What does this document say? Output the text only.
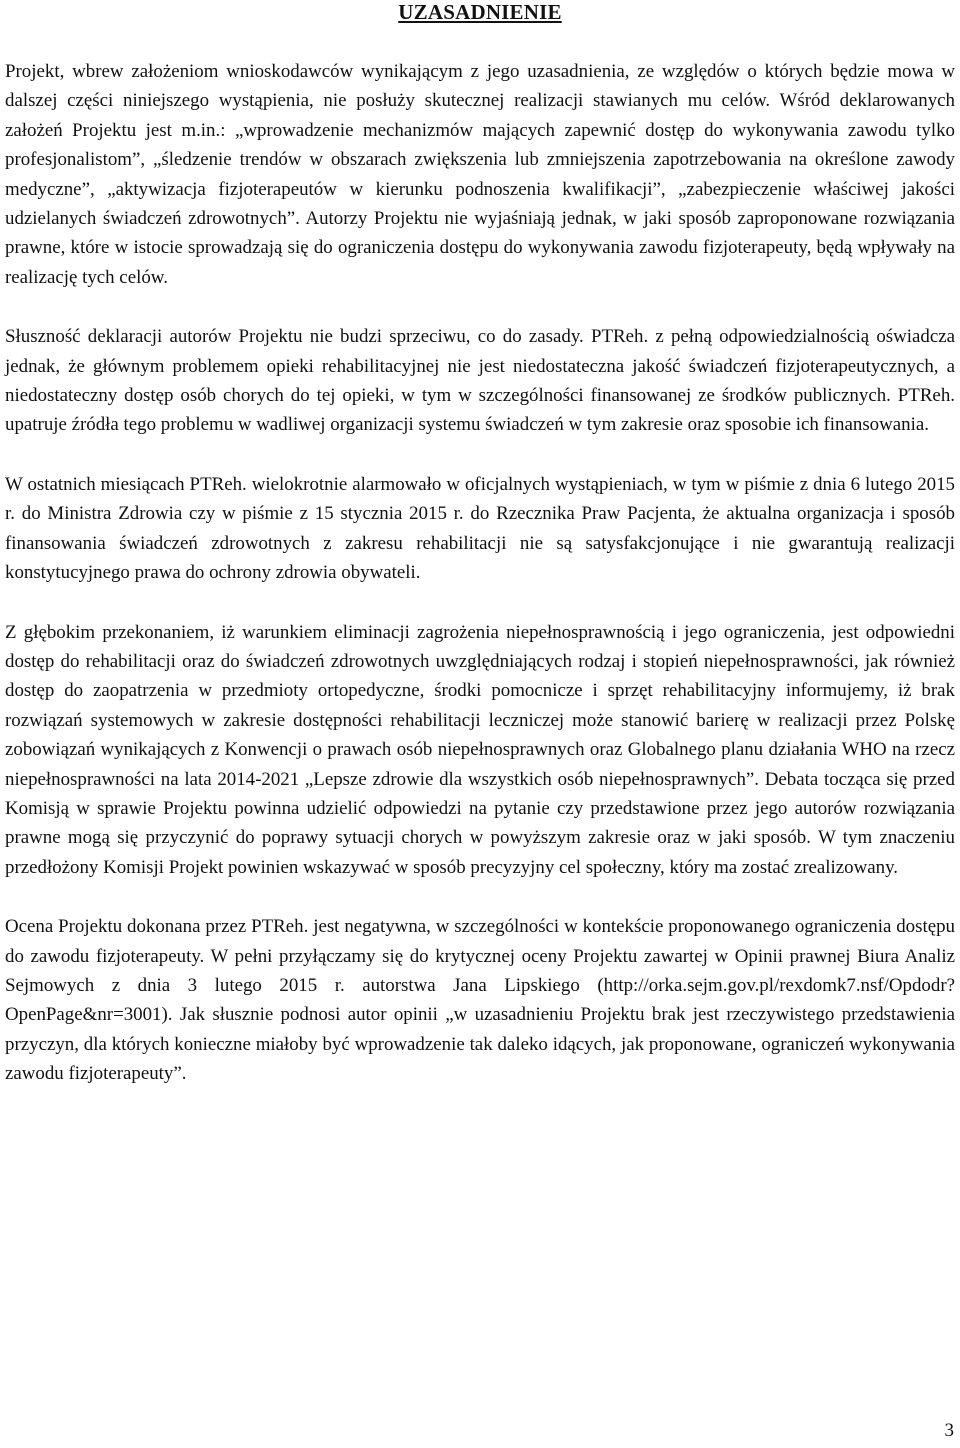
UZASADNIENIE

Projekt, wbrew założeniom wnioskodawców wynikającym z jego uzasadnienia, ze względów o których będzie mowa w dalszej części niniejszego wystąpienia, nie posłuży skutecznej realizacji stawianych mu celów. Wśród deklarowanych założeń Projektu jest m.in.: „wprowadzenie mechanizmów mających zapewnić dostęp do wykonywania zawodu tylko profesjonalistom”, „śledzenie trendów w obszarach zwiększenia lub zmniejszenia zapotrzebowania na określone zawody medyczne”, „aktywizacja fizjoterapeutów w kierunku podnoszenia kwalifikacji”, „zabezpieczenie właściwej jakości udzielanych świadczeń zdrowotnych”. Autorzy Projektu nie wyjaśniają jednak, w jaki sposób zaproponowane rozwiązania prawne, które w istocie sprowadzają się do ograniczenia dostępu do wykonywania zawodu fizjoterapeuty, będą wpływały na realizację tych celów.

Słuszność deklaracji autorów Projektu nie budzi sprzeciwu, co do zasady. PTReh. z pełną odpowiedzialnością oświadcza jednak, że głównym problemem opieki rehabilitacyjnej nie jest niedostateczna jakość świadczeń fizjoterapeutycznych, a niedostateczny dostęp osób chorych do tej opieki, w tym w szczególności finansowanej ze środków publicznych. PTReh. upatruje źródła tego problemu w wadliwej organizacji systemu świadczeń w tym zakresie oraz sposobie ich finansowania.

W ostatnich miesiącach PTReh. wielokrotnie alarmowało w oficjalnych wystąpieniach, w tym w piśmie z dnia 6 lutego 2015 r. do Ministra Zdrowia czy w piśmie z 15 stycznia 2015 r. do Rzecznika Praw Pacjenta, że aktualna organizacja i sposób finansowania świadczeń zdrowotnych z zakresu rehabilitacji nie są satysfakcjonujące i nie gwarantują realizacji konstytucyjnego prawa do ochrony zdrowia obywateli.

Z głębokim przekonaniem, iż warunkiem eliminacji zagrożenia niepełnosprawnością i jego ograniczenia, jest odpowiedni dostęp do rehabilitacji oraz do świadczeń zdrowotnych uwzględniających rodzaj i stopień niepełnosprawności, jak również dostęp do zaopatrzenia w przedmioty ortopedyczne, środki pomocnicze i sprzęt rehabilitacyjny informujemy, iż brak rozwiązań systemowych w zakresie dostępności rehabilitacji leczniczej może stanowić barierę w realizacji przez Polskę zobowiązań wynikających z Konwencji o prawach osób niepełnosprawnych oraz Globalnego planu działania WHO na rzecz niepełnosprawności na lata 2014-2021 „Lepsze zdrowie dla wszystkich osób niepełnosprawnych”. Debata tocząca się przed Komisją w sprawie Projektu powinna udzielić odpowiedzi na pytanie czy przedstawione przez jego autorów rozwiązania prawne mogą się przyczynić do poprawy sytuacji chorych w powyższym zakresie oraz w jaki sposób. W tym znaczeniu przedłożony Komisji Projekt powinien wskazywać w sposób precyzyjny cel społeczny, który ma zostać zrealizowany.

Ocena Projektu dokonana przez PTReh. jest negatywna, w szczególności w kontekście proponowanego ograniczenia dostępu do zawodu fizjoterapeuty. W pełni przyłączamy się do krytycznej oceny Projektu zawartej w Opinii prawnej Biura Analiz Sejmowych z dnia 3 lutego 2015 r. autorstwa Jana Lipskiego (http://orka.sejm.gov.pl/rexdomk7.nsf/Opdodr?OpenPage&nr=3001). Jak słusznie podnosi autor opinii „w uzasadnieniu Projektu brak jest rzeczywistego przedstawienia przyczyn, dla których konieczne miałoby być wprowadzenie tak daleko idących, jak proponowane, ograniczeń wykonywania zawodu fizjoterapeuty”.

3
